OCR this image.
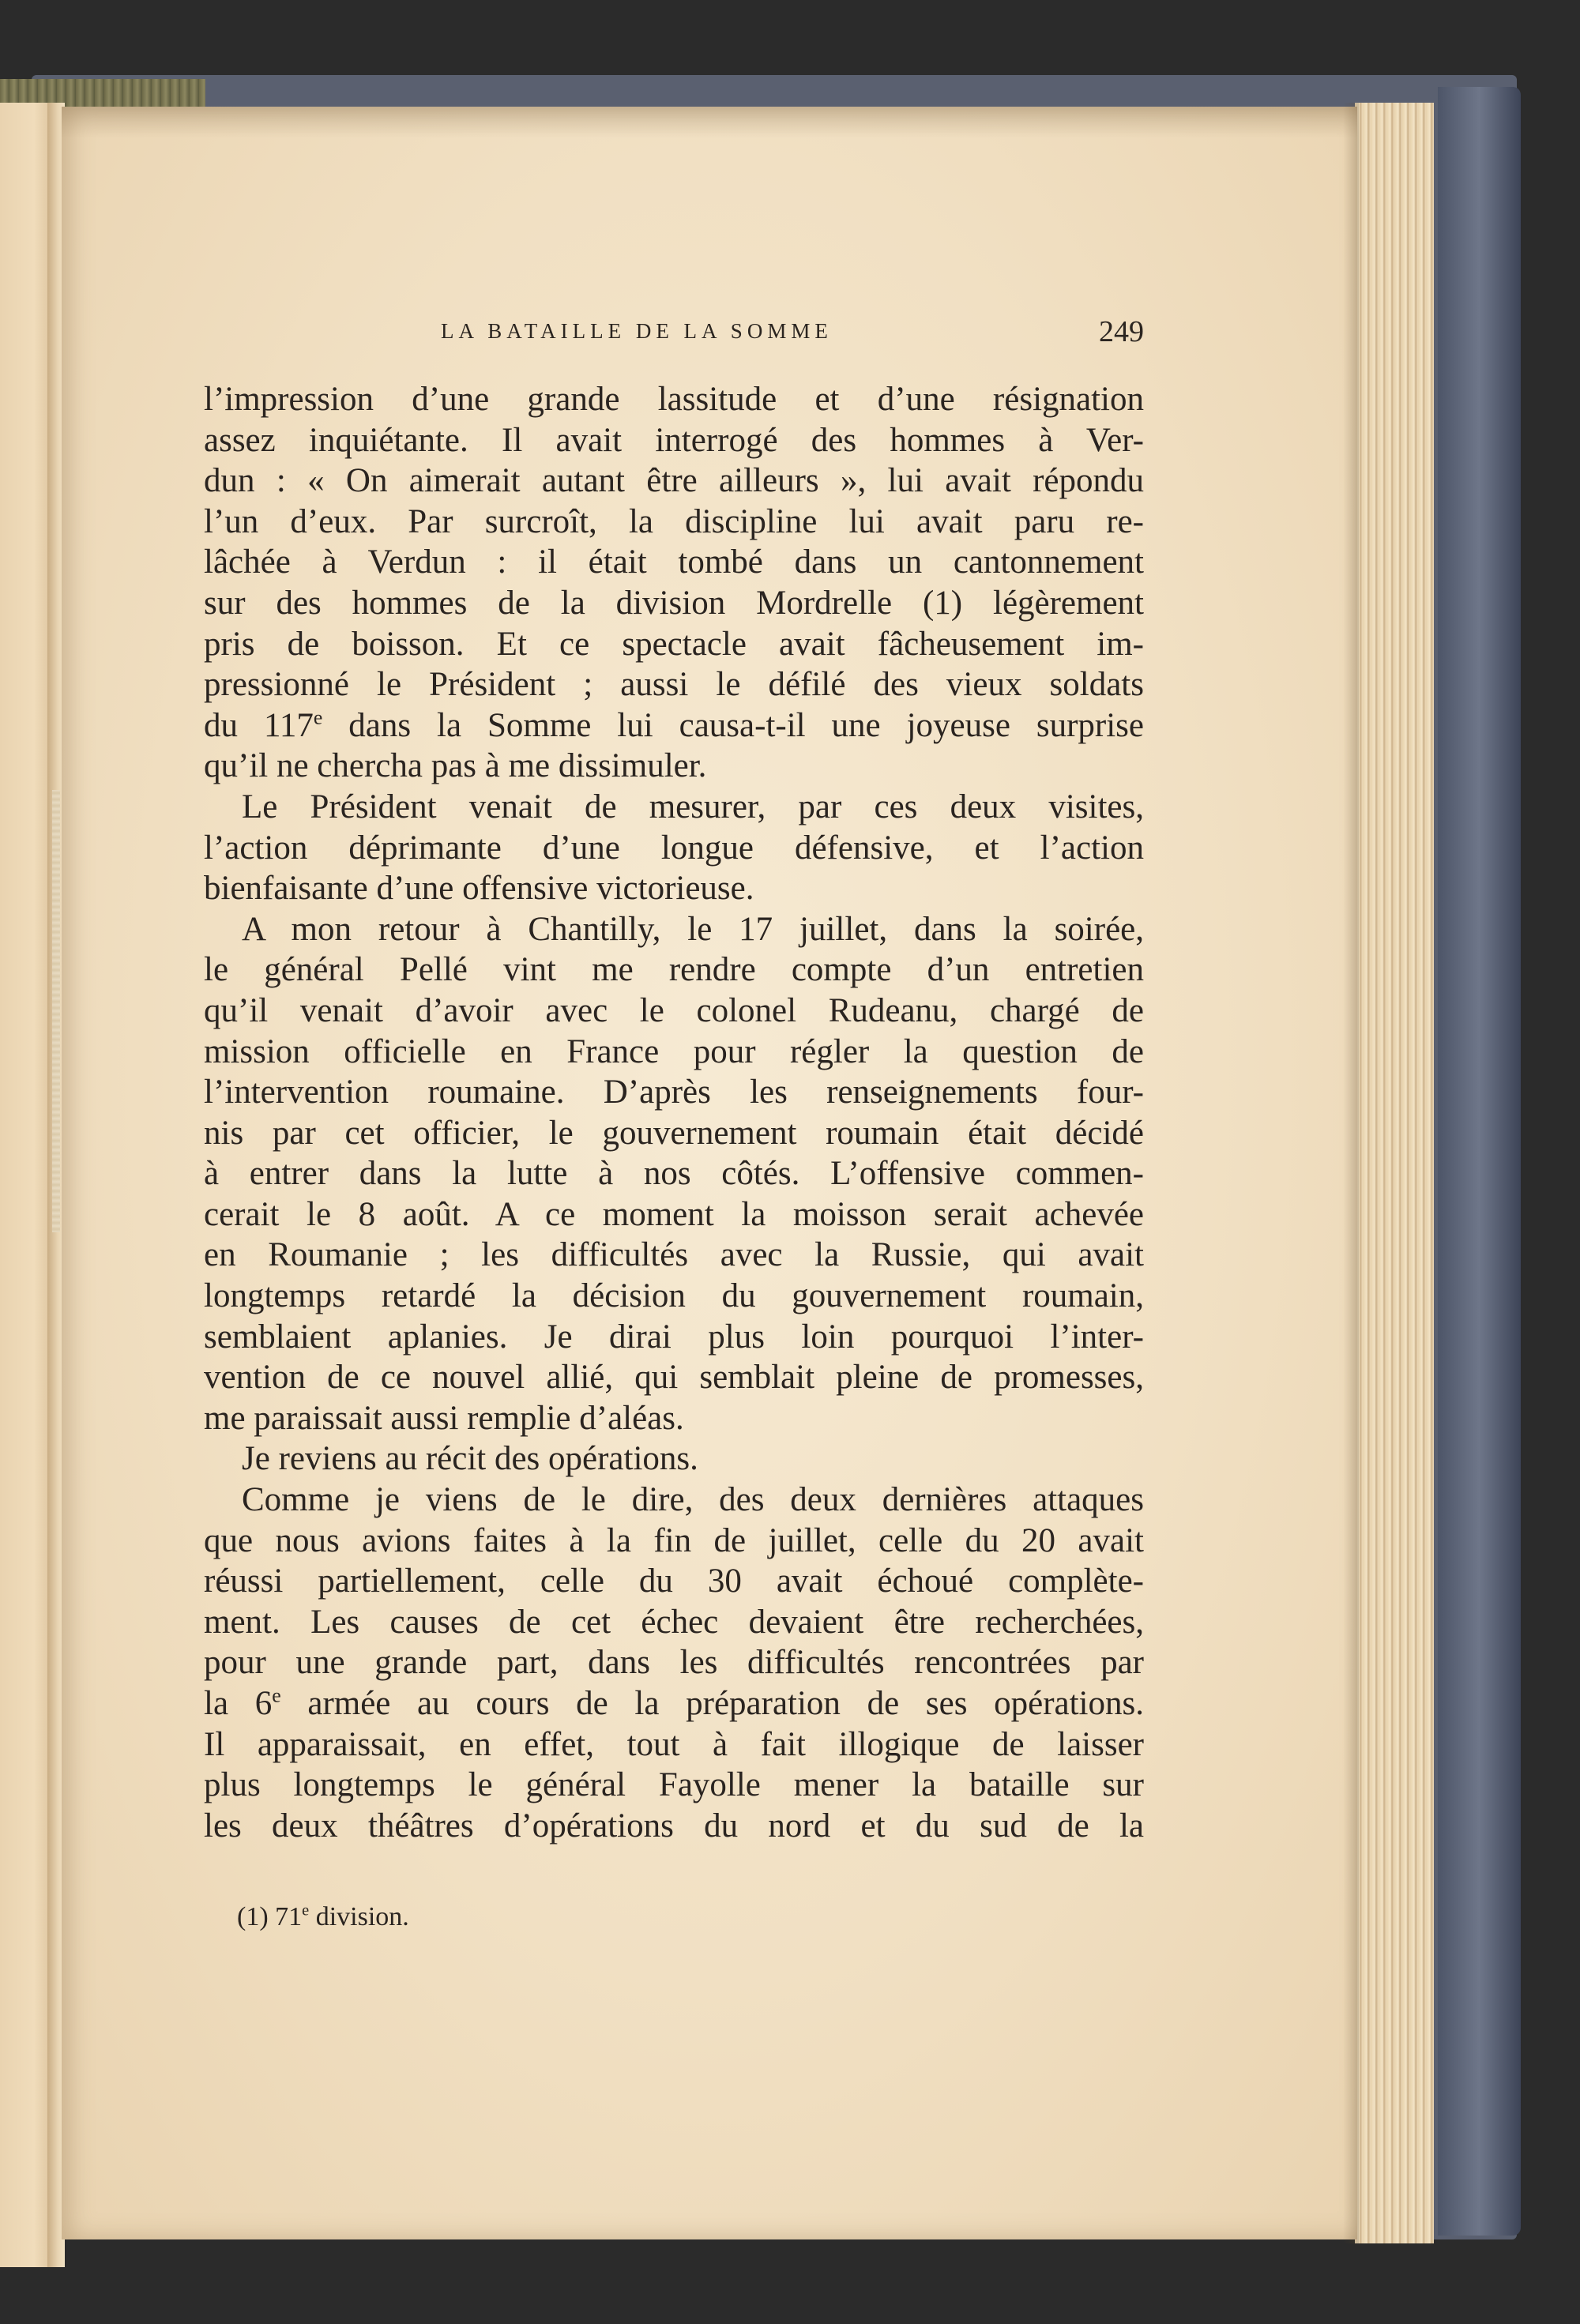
LA BATAILLE DE LA SOMME	249
l’impression d’une grande lassitude et d’une résignation
assez inquiétante. Il avait interrogé des hommes à Ver-
dun : « On aimerait autant être ailleurs », lui avait répondu
l’un d’eux. Par surcroît, la discipline lui avait paru re-
lâchée à Verdun : il était tombé dans un cantonnement
sur des hommes de la division Mordrelle (1) légèrement
pris de boisson. Et ce spectacle avait fâcheusement im-
pressionné le Président ; aussi le défilé des vieux soldats
du 117e dans la Somme lui causa-t-il une joyeuse surprise
qu’il ne chercha pas à me dissimuler.
Le Président venait de mesurer, par ces deux visites,
l’action déprimante d’une longue défensive, et l’action
bienfaisante d’une offensive victorieuse.
A mon retour à Chantilly, le 17 juillet, dans la soirée,
le général Pellé vint me rendre compte d’un entretien
qu’il venait d’avoir avec le colonel Rudeanu, chargé de
mission officielle en France pour régler la question de
l’intervention roumaine. D’après les renseignements four-
nis par cet officier, le gouvernement roumain était décidé
à entrer dans la lutte à nos côtés. L’offensive commen-
cerait le 8 août. A ce moment la moisson serait achevée
en Roumanie ; les difficultés avec la Russie, qui avait
longtemps retardé la décision du gouvernement roumain,
semblaient aplanies. Je dirai plus loin pourquoi l’inter-
vention de ce nouvel allié, qui semblait pleine de promesses,
me paraissait aussi remplie d’aléas.
Je reviens au récit des opérations.
Comme je viens de le dire, des deux dernières attaques
que nous avions faites à la fin de juillet, celle du 20 avait
réussi partiellement, celle du 30 avait échoué complète-
ment. Les causes de cet échec devaient être recherchées,
pour une grande part, dans les difficultés rencontrées par
la 6e armée au cours de la préparation de ses opérations.
Il apparaissait, en effet, tout à fait illogique de laisser
plus longtemps le général Fayolle mener la bataille sur
les deux théâtres d’opérations du nord et du sud de la
(1) 71e division.
